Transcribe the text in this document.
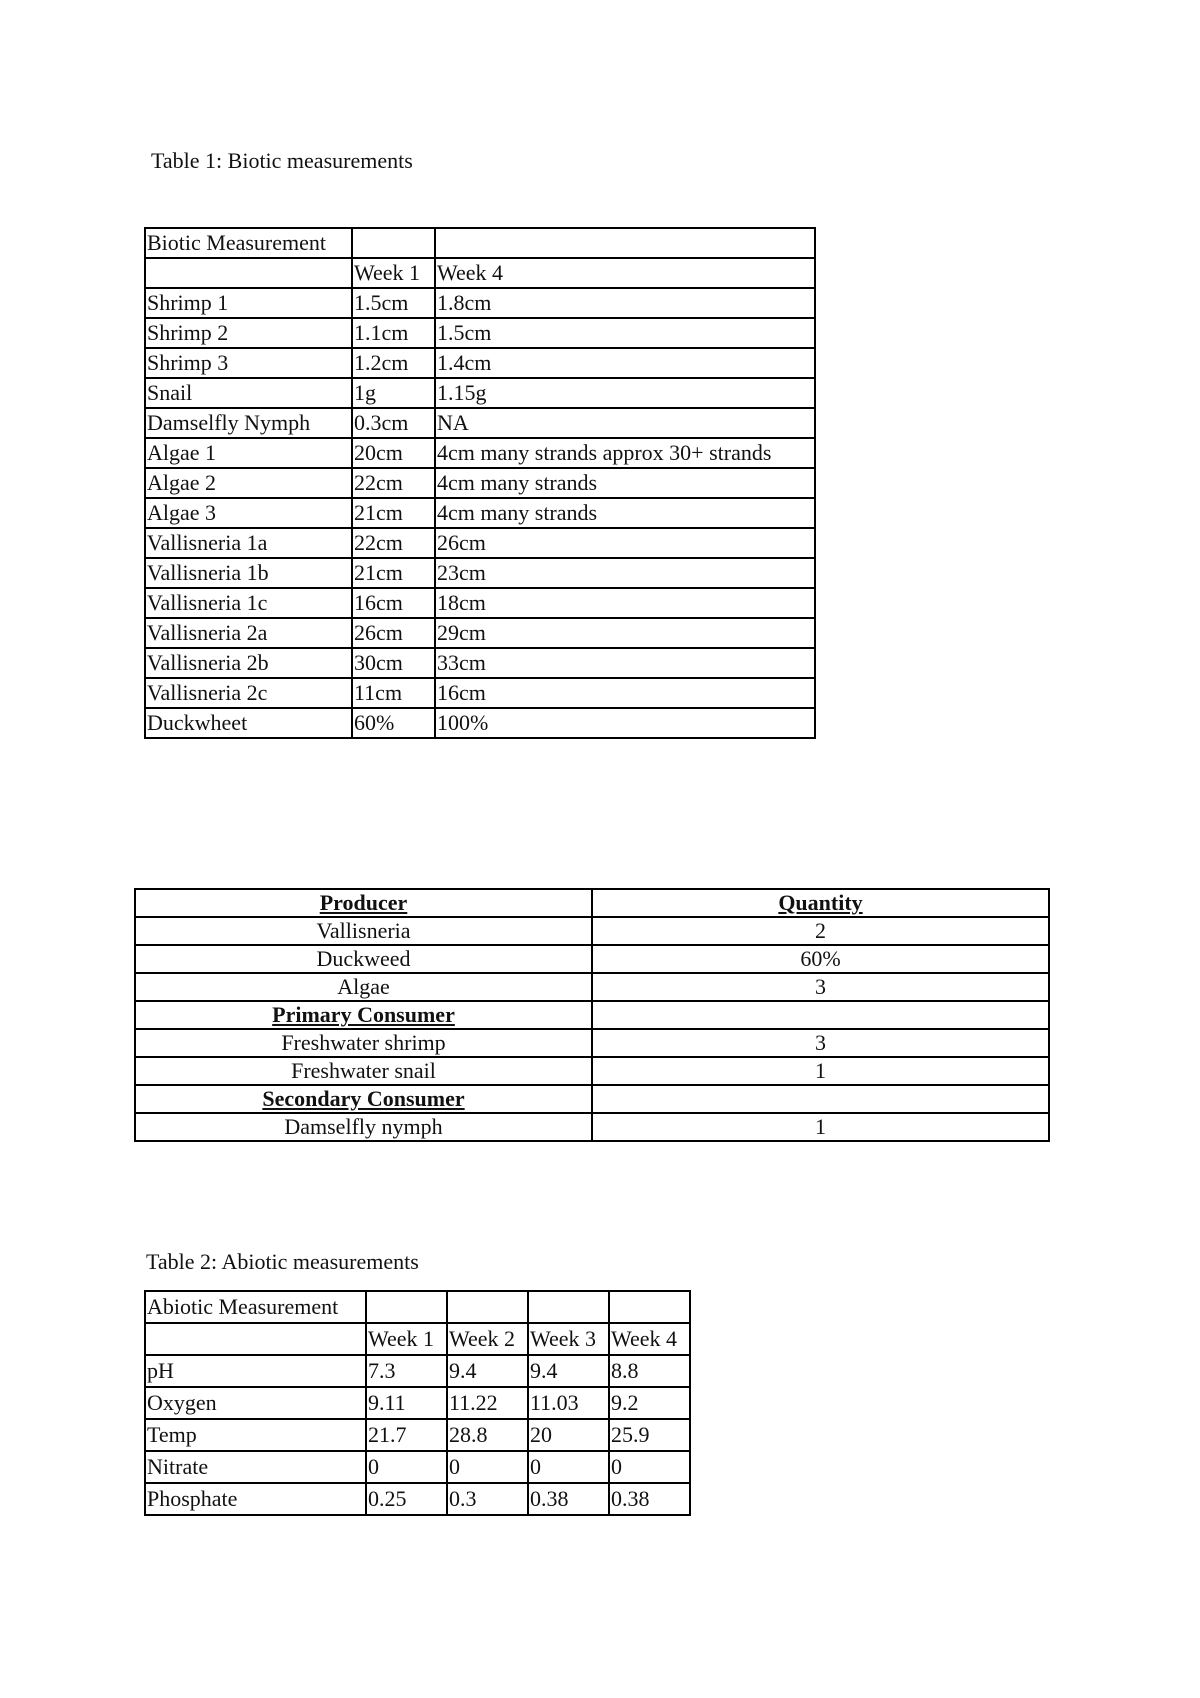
Table 1: Biotic measurements
Biotic Measurement		
	Week 1	Week 4
Shrimp 1	1.5cm	1.8cm
Shrimp 2	1.1cm	1.5cm
Shrimp 3	1.2cm	1.4cm
Snail	1g	1.15g
Damselfly Nymph	0.3cm	NA
Algae 1	20cm	4cm many strands approx 30+ strands
Algae 2	22cm	4cm many strands
Algae 3	21cm	4cm many strands
Vallisneria 1a	22cm	26cm
Vallisneria 1b	21cm	23cm
Vallisneria 1c	16cm	18cm
Vallisneria 2a	26cm	29cm
Vallisneria 2b	30cm	33cm
Vallisneria 2c	11cm	16cm
Duckwheet	60%	100%
Producer	Quantity
Vallisneria	2
Duckweed	60%
Algae	3
Primary Consumer	
Freshwater shrimp	3
Freshwater snail	1
Secondary Consumer	
Damselfly nymph	1
Table 2: Abiotic measurements
Abiotic Measurement				
	Week 1	Week 2	Week 3	Week 4
pH	7.3	9.4	9.4	8.8
Oxygen	9.11	11.22	11.03	9.2
Temp	21.7	28.8	20	25.9
Nitrate	0	0	0	0
Phosphate	0.25	0.3	0.38	0.38
